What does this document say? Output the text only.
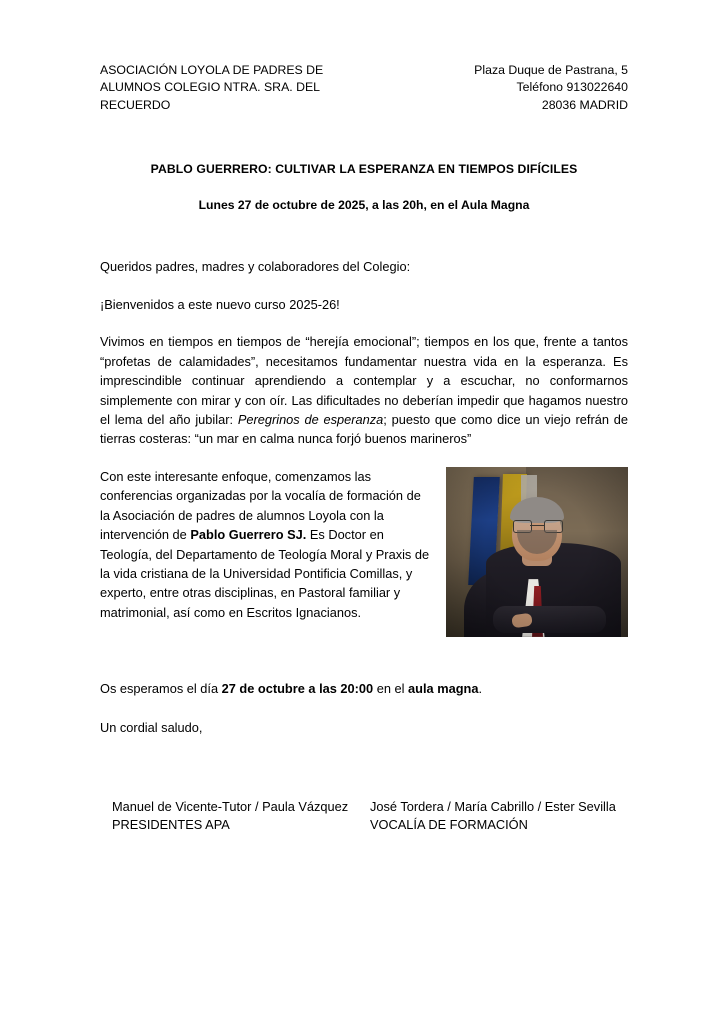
ASOCIACIÓN LOYOLA DE PADRES DE
ALUMNOS COLEGIO NTRA. SRA. DEL
RECUERDO
Plaza Duque de Pastrana, 5
Teléfono 913022640
28036 MADRID
PABLO GUERRERO: CULTIVAR LA ESPERANZA EN TIEMPOS DIFÍCILES
Lunes 27 de octubre de 2025, a las 20h, en el Aula Magna
Queridos padres, madres y colaboradores del Colegio:
¡Bienvenidos a este nuevo curso 2025-26!
Vivimos en tiempos en tiempos de “herejía emocional”; tiempos en los que, frente a tantos “profetas de calamidades”, necesitamos fundamentar nuestra vida en la esperanza. Es imprescindible continuar aprendiendo a contemplar y a escuchar, no conformarnos simplemente con mirar y con oír. Las dificultades no deberían impedir que hagamos nuestro el lema del año jubilar: Peregrinos de esperanza; puesto que como dice un viejo refrán de tierras costeras: “un mar en calma nunca forjó buenos marineros”
Con este interesante enfoque, comenzamos las conferencias organizadas por la vocalía de formación de la Asociación de padres de alumnos Loyola con la intervención de Pablo Guerrero SJ. Es Doctor en Teología, del Departamento de Teología Moral y Praxis de la vida cristiana de la Universidad Pontificia Comillas, y experto, entre otras disciplinas, en Pastoral familiar y matrimonial, así como en Escritos Ignacianos.
Os esperamos el día 27 de octubre a las 20:00 en el aula magna.
Un cordial saludo,
Manuel de Vicente-Tutor / Paula Vázquez
PRESIDENTES APA
José Tordera / María Cabrillo / Ester Sevilla
VOCALÍA DE FORMACIÓN
